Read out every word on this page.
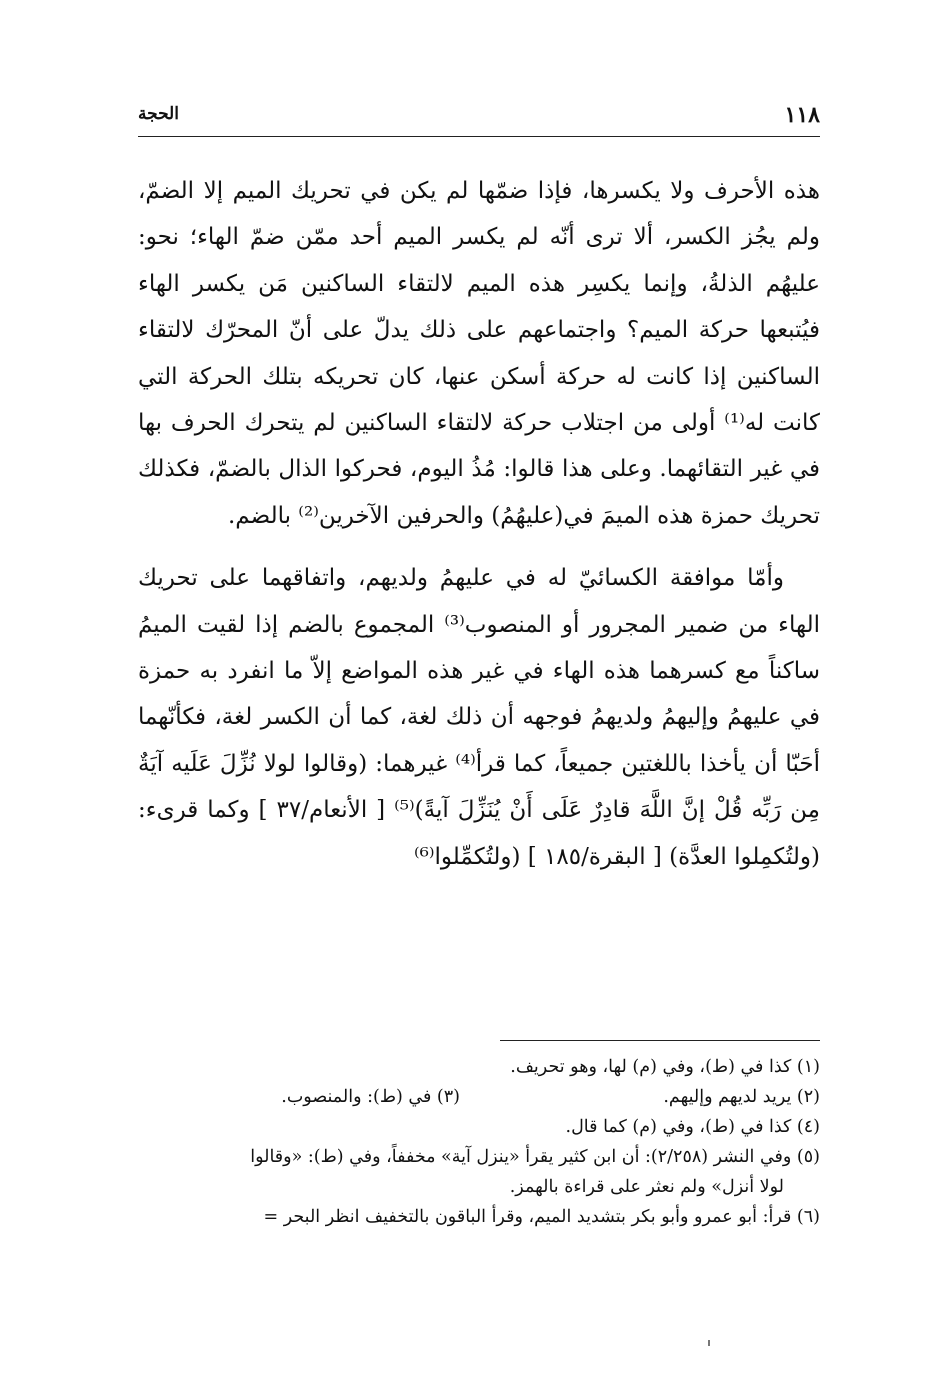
١١٨
الحجة

هذه الأحرف ولا يكسرها، فإذا ضمّها لم يكن في تحريك الميم إلا الضمّ، ولم يجُز الكسر، ألا ترى أنّه لم يكسر الميم أحد ممّن ضمّ الهاء؛ نحو: عليهُم الذلةُ، وإنما يكسِر هذه الميم لالتقاء الساكنين مَن يكسر الهاء فيُتبعها حركة الميم؟ واجتماعهم على ذلك يدلّ على أنّ المحرّك لالتقاء الساكنين إذا كانت له حركة أسكن عنها، كان تحريكه بتلك الحركة التي كانت له⁽¹⁾ أولى من اجتلاب حركة لالتقاء الساكنين لم يتحرك الحرف بها في غير التقائهما. وعلى هذا قالوا: مُذُ اليوم، فحركوا الذال بالضمّ، فكذلك تحريك حمزة هذه الميمَ في(عليهُمُ) والحرفين الآخرين⁽²⁾ بالضم.

وأمّا موافقة الكسائيّ له في عليهمُ ولديهم، واتفاقهما على تحريك الهاء من ضمير المجرور أو المنصوب⁽³⁾ المجموع بالضم إذا لقيت الميمُ ساكناً مع كسرهما هذه الهاء في غير هذه المواضع إلاّ ما انفرد به حمزة في عليهمُ وإليهمُ ولديهمُ فوجهه أن ذلك لغة، كما أن الكسر لغة، فكأنّهما أحَبّا أن يأخذا باللغتين جميعاً، كما قرأ⁽⁴⁾ غيرهما: (وقالوا لولا نُزِّلَ عَلَيه آيَةٌ مِن رَبِّه قُلْ إنَّ اللَّهَ قادِرٌ عَلَى أَنْ يُنَزِّلَ آيةً)⁽⁵⁾ [ الأنعام/٣٧ ] وكما قرىء: (ولتُكمِلوا العدَّة) [ البقرة/١٨٥ ] (ولتُكمِّلوا⁽⁶⁾

(١) كذا في (ط)، وفي (م) لها، وهو تحريف.
(٢) يريد لديهم وإليهم.
(٣) في (ط): والمنصوب.
(٤) كذا في (ط)، وفي (م) كما قال.
(٥) وفي النشر (٢/٢٥٨): أن ابن كثير يقرأ «ينزل آية» مخففاً، وفي (ط): «وقالوا
لولا أنزل» ولم نعثر على قراءة بالهمز.
(٦) قرأ: أبو عمرو وأبو بكر بتشديد الميم، وقرأ الباقون بالتخفيف انظر البحر =
